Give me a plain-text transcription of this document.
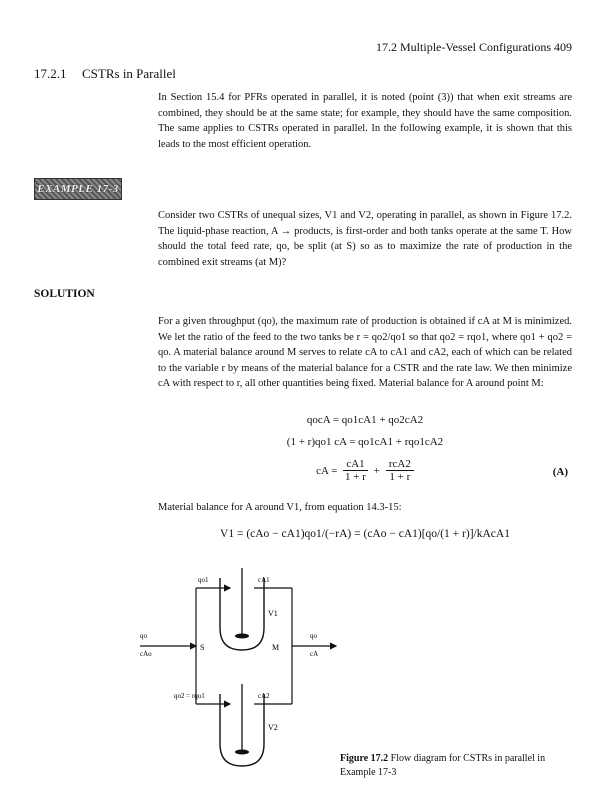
17.2 Multiple-Vessel Configurations 409
17.2.1 CSTRs in Parallel
In Section 15.4 for PFRs operated in parallel, it is noted (point (3)) that when exit streams are combined, they should be at the same state; for example, they should have the same composition. The same applies to CSTRs operated in parallel. In the following example, it is shown that this leads to the most efficient operation.
EXAMPLE 17-3
Consider two CSTRs of unequal sizes, V1 and V2, operating in parallel, as shown in Figure 17.2. The liquid-phase reaction, A → products, is first-order and both tanks operate at the same T. How should the total feed rate, qo, be split (at S) so as to maximize the rate of production in the combined exit streams (at M)?
SOLUTION
For a given throughput (qo), the maximum rate of production is obtained if cA at M is minimized. We let the ratio of the feed to the two tanks be r = qo2/qo1 so that qo2 = rqo1, where qo1 + qo2 = qo. A material balance around M serves to relate cA to cA1 and cA2, each of which can be related to the variable r by means of the material balance for a CSTR and the rate law. We then minimize cA with respect to r, all other quantities being fixed. Material balance for A around point M:
qocA = qo1cA1 + qo2cA2
(1 + r)qo1 cA = qo1cA1 + rqo1cA2
cA = $\frac{cA1}{1 + r}$ +
rcA2
1 + r	(A)
Material balance for A around V1, from equation 14.3-15:
V1 = (cAo − cA1)qo1/(−rA) = (cAo − cA1)[qo/(1 + r)]/kAcA1
qo1	cA1
V1
qo
cAo
S	M
qo
cA
qo2 = rqo1	cA2
V2
Figure 17.2 Flow diagram for CSTRs in parallel in Example 17-3
